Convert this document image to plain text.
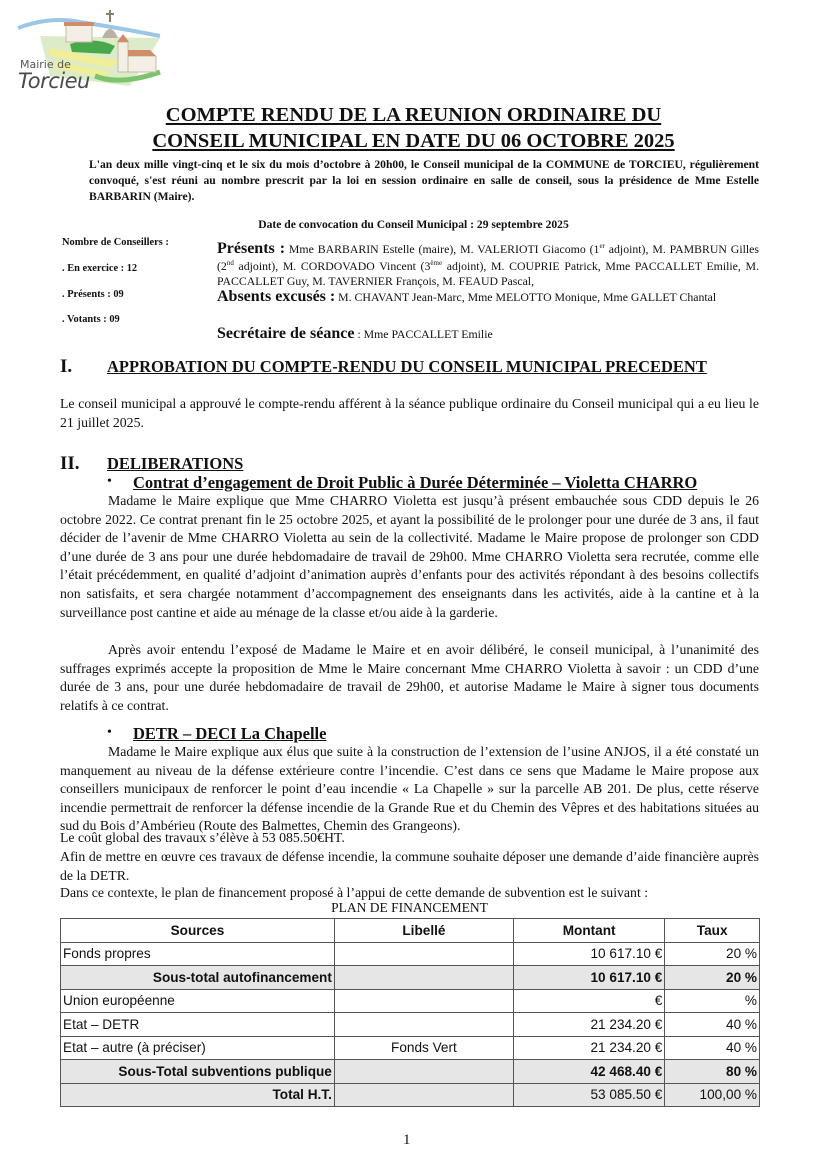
Mairie de
Torcieu
COMPTE RENDU DE LA REUNION ORDINAIRE DU
CONSEIL MUNICIPAL EN DATE DU 06 OCTOBRE 2025
L'an deux mille vingt-cinq et le six du mois d’octobre à 20h00, le Conseil municipal de la COMMUNE de TORCIEU, régulièrement convoqué, s'est réuni au nombre prescrit par la loi en session ordinaire en salle de conseil, sous la présidence de Mme Estelle BARBARIN (Maire).
Date de convocation du Conseil Municipal : 29 septembre 2025
Nombre de Conseillers :
. En exercice : 12
. Présents : 09
. Votants : 09
Présents : Mme BARBARIN Estelle (maire), M. VALERIOTI Giacomo (1er adjoint), M. PAMBRUN Gilles (2nd adjoint), M. CORDOVADO Vincent (3ème adjoint), M. COUPRIE Patrick, Mme PACCALLET Emilie, M. PACCALLET Guy, M. TAVERNIER François, M. FEAUD Pascal,
Absents excusés : M. CHAVANT Jean-Marc, Mme MELOTTO Monique, Mme GALLET Chantal
Secrétaire de séance : Mme PACCALLET Emilie
I. APPROBATION DU COMPTE-RENDU DU CONSEIL MUNICIPAL PRECEDENT
Le conseil municipal a approuvé le compte-rendu afférent à la séance publique ordinaire du Conseil municipal qui a eu lieu le 21 juillet 2025.
II. DELIBERATIONS
• Contrat d’engagement de Droit Public à Durée Déterminée – Violetta CHARRO
Madame le Maire explique que Mme CHARRO Violetta est jusqu’à présent embauchée sous CDD depuis le 26 octobre 2022. Ce contrat prenant fin le 25 octobre 2025, et ayant la possibilité de le prolonger pour une durée de 3 ans, il faut décider de l’avenir de Mme CHARRO Violetta au sein de la collectivité. Madame le Maire propose de prolonger son CDD d’une durée de 3 ans pour une durée hebdomadaire de travail de 29h00. Mme CHARRO Violetta sera recrutée, comme elle l’était précédemment, en qualité d’adjoint d’animation auprès d’enfants pour des activités répondant à des besoins collectifs non satisfaits, et sera chargée notamment d’accompagnement des enseignants dans les activités, aide à la cantine et à la surveillance post cantine et aide au ménage de la classe et/ou aide à la garderie.
Après avoir entendu l’exposé de Madame le Maire et en avoir délibéré, le conseil municipal, à l’unanimité des suffrages exprimés accepte la proposition de Mme le Maire concernant Mme CHARRO Violetta à savoir : un CDD d’une durée de 3 ans, pour une durée hebdomadaire de travail de 29h00, et autorise Madame le Maire à signer tous documents relatifs à ce contrat.
• DETR – DECI La Chapelle
Madame le Maire explique aux élus que suite à la construction de l’extension de l’usine ANJOS, il a été constaté un manquement au niveau de la défense extérieure contre l’incendie. C’est dans ce sens que Madame le Maire propose aux conseillers municipaux de renforcer le point d’eau incendie « La Chapelle » sur la parcelle AB 201. De plus, cette réserve incendie permettrait de renforcer la défense incendie de la Grande Rue et du Chemin des Vêpres et des habitations situées au sud du Bois d’Ambérieu (Route des Balmettes, Chemin des Grangeons).
Le coût global des travaux s’élève à 53 085.50€HT.
Afin de mettre en œuvre ces travaux de défense incendie, la commune souhaite déposer une demande d’aide financière auprès de la DETR.
Dans ce contexte, le plan de financement proposé à l’appui de cette demande de subvention est le suivant :
PLAN DE FINANCEMENT
Sources	Libellé	Montant	Taux
Fonds propres		10 617.10 €	20 %
Sous-total autofinancement		10 617.10 €	20 %
Union européenne		€	%
Etat – DETR		21 234.20 €	40 %
Etat – autre (à préciser)	Fonds Vert	21 234.20 €	40 %
Sous-Total subventions publique		42 468.40 €	80 %
Total H.T.		53 085.50 €	100,00 %
1
